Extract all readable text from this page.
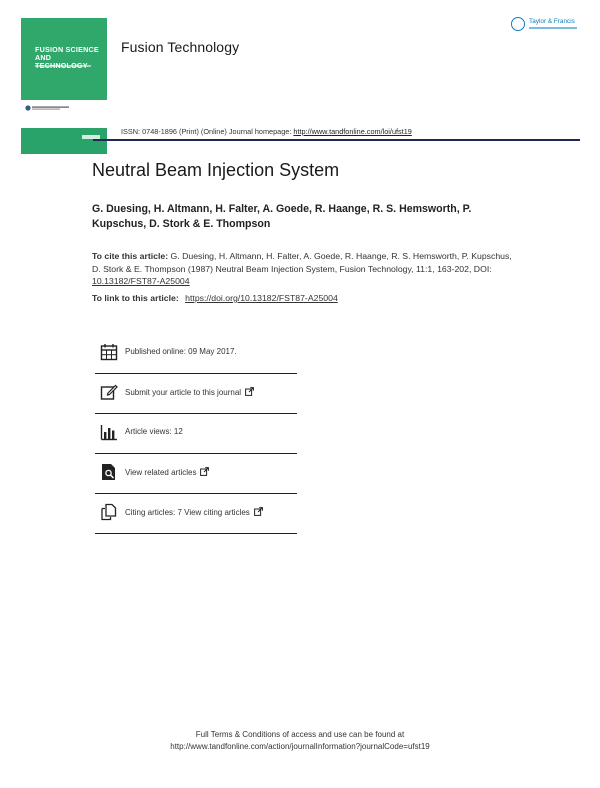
FUSION SCIENCE AND
Fusion Technology
Taylor & Francis
ISSN: 0748-1896 (Print) (Online) Journal homepage: http://www.tandfonline.com/loi/ufst19
Neutral Beam Injection System
G. Duesing, H. Altmann, H. Falter, A. Goede, R. Haange, R. S. Hemsworth, P. Kupschus, D. Stork & E. Thompson
To cite this article: G. Duesing, H. Altmann, H. Falter, A. Goede, R. Haange, R. S. Hemsworth, P. Kupschus, D. Stork & E. Thompson (1987) Neutral Beam Injection System, Fusion Technology, 11:1, 163-202, DOI: 10.13182/FST87-A25004
To link to this article: https://doi.org/10.13182/FST87-A25004
Published online: 09 May 2017.
Submit your article to this journal
Article views: 12
View related articles
Citing articles: 7 View citing articles
Full Terms & Conditions of access and use can be found at
http://www.tandfonline.com/action/journalInformation?journalCode=ufst19
